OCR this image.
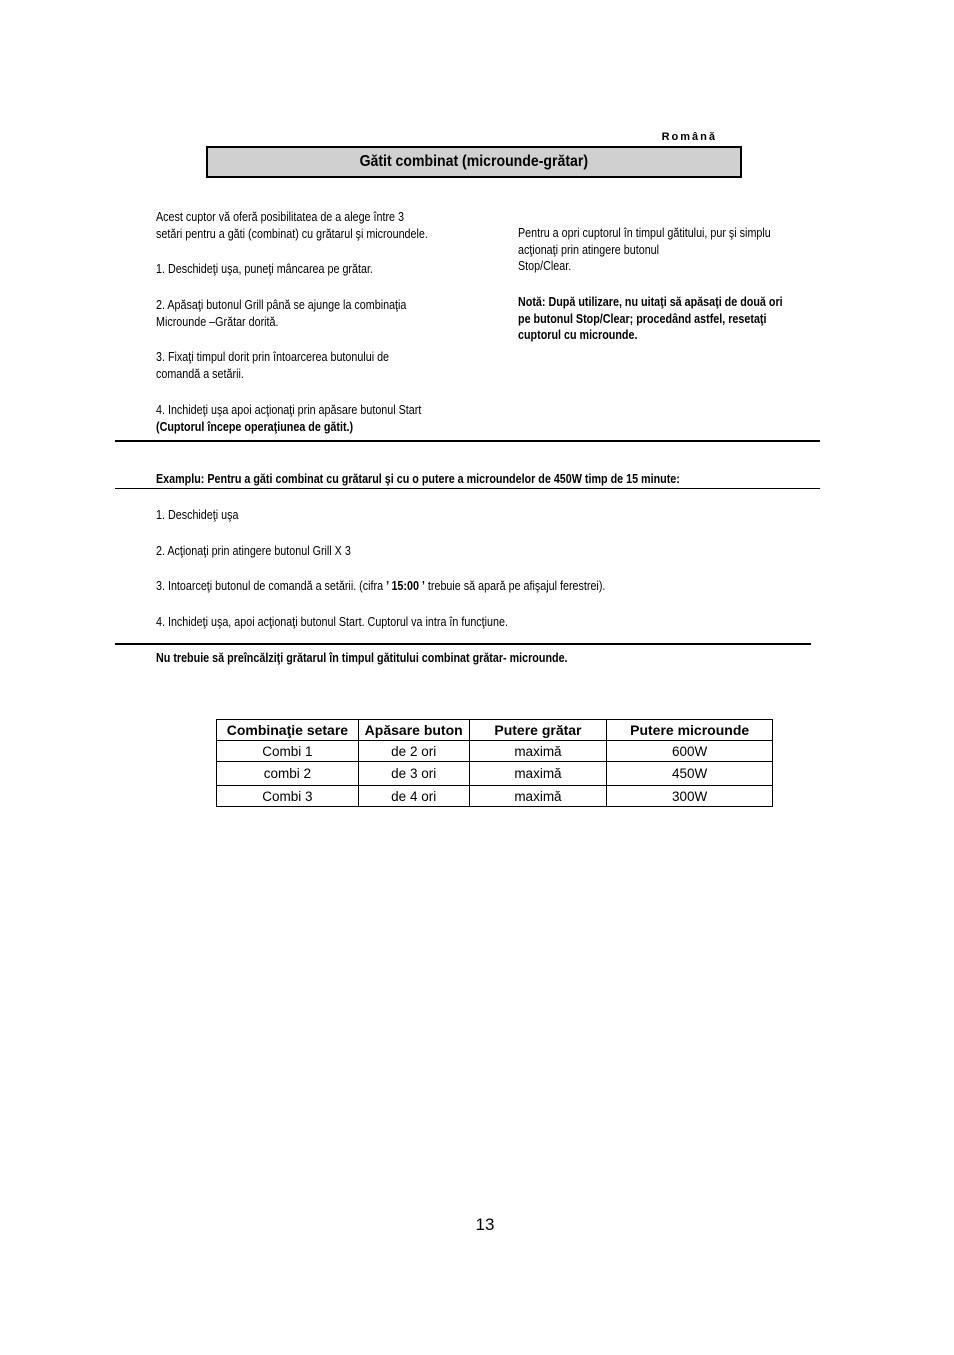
Română
Gătit combinat (microunde-grătar)
Acest cuptor vă oferă posibilitatea de a alege între 3
setări pentru a găti (combinat) cu grătarul şi microundele.
1. Deschideţi uşa, puneţi mâncarea pe grătar.
2. Apăsaţi butonul Grill până se ajunge la combinaţia
Microunde –Grătar dorită.
3. Fixaţi timpul dorit prin întoarcerea butonului de
comandă a setării.
4. Inchideţi uşa apoi acţionaţi prin apăsare butonul Start
(Cuptorul începe operaţiunea de gătit.)
Pentru a opri cuptorul în timpul gătitului, pur şi simplu
acţionaţi prin atingere butonul
Stop/Clear.
Notă: După utilizare, nu uitaţi să apăsaţi de două ori
pe butonul Stop/Clear; procedând astfel, resetaţi
cuptorul cu microunde.
Examplu: Pentru a găti combinat cu grătarul şi cu o putere a microundelor de 450W timp de 15 minute:
1. Deschideţi uşa
2. Acţionaţi prin atingere butonul Grill X 3
3. Intoarceţi butonul de comandă a setării. (cifra ’ 15:00 ’ trebuie să apară pe afişajul ferestrei).
4. Inchideţi uşa, apoi acţionaţi butonul Start. Cuptorul va intra în funcţiune.
Nu trebuie să preîncălziţi grătarul în timpul gătitului combinat grătar- microunde.
Combinaţie setare	Apăsare buton	Putere grătar	Putere microunde
Combi 1	de 2 ori	maximă	600W
combi 2	de 3 ori	maximă	450W
Combi 3	de 4 ori	maximă	300W
13
